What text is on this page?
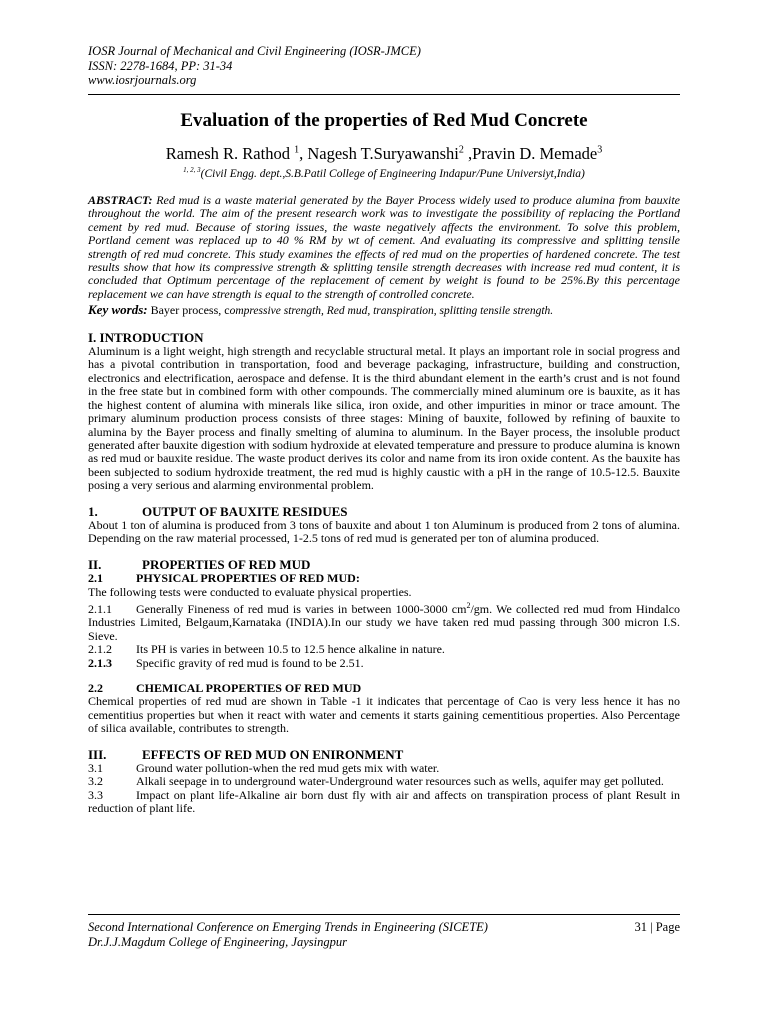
IOSR Journal of Mechanical and Civil Engineering (IOSR-JMCE)
ISSN: 2278-1684, PP: 31-34
www.iosrjournals.org
Evaluation of the properties of Red Mud Concrete
Ramesh R. Rathod $^1$, Nagesh T.Suryawanshi$^2$ ,Pravin D. Memade$^3$
$^{1, 2, 3}$(Civil Engg. dept.,S.B.Patil College of Engineering Indapur/Pune Universiyt,India)

ABSTRACT: Red mud is a waste material generated by the Bayer Process widely used to produce alumina from bauxite throughout the world. The aim of the present research work was to investigate the possibility of replacing the Portland cement by red mud. Because of storing issues, the waste negatively affects the environment. To solve this problem, Portland cement was replaced up to 40 % RM by wt of cement. And evaluating its compressive and splitting tensile strength of red mud concrete. This study examines the effects of red mud on the properties of hardened concrete. The test results show that how its compressive strength & splitting tensile strength decreases with increase red mud content, it is concluded that Optimum percentage of the replacement of cement by weight is found to be 25%.By this percentage replacement we can have strength is equal to the strength of controlled concrete.

Key words: Bayer process, compressive strength, Red mud, transpiration, splitting tensile strength.

I. INTRODUCTION

Aluminum is a light weight, high strength and recyclable structural metal. It plays an important role in social progress and has a pivotal contribution in transportation, food and beverage packaging, infrastructure, building and construction, electronics and electrification, aerospace and defense. It is the third abundant element in the earth’s crust and is not found in the free state but in combined form with other compounds. The commercially mined aluminum ore is bauxite, as it has the highest content of alumina with minerals like silica, iron oxide, and other impurities in minor or trace amount. The primary aluminum production process consists of three stages: Mining of bauxite, followed by refining of bauxite to alumina by the Bayer process and finally smelting of alumina to aluminum. In the Bayer process, the insoluble product generated after bauxite digestion with sodium hydroxide at elevated temperature and pressure to produce alumina is known as red mud or bauxite residue. The waste product derives its color and name from its iron oxide content. As the bauxite has been subjected to sodium hydroxide treatment, the red mud is highly caustic with a pH in the range of 10.5-12.5. Bauxite posing a very serious and alarming environmental problem.

1.	OUTPUT OF BAUXITE RESIDUES

About 1 ton of alumina is produced from 3 tons of bauxite and about 1 ton Aluminum is produced from 2 tons of alumina. Depending on the raw material processed, 1-2.5 tons of red mud is generated per ton of alumina produced.

II.	PROPERTIES OF RED MUD
2.1	PHYSICAL PROPERTIES OF RED MUD:

The following tests were conducted to evaluate physical properties.

2.1.1 Generally Fineness of red mud is varies in between 1000-3000 $cm^2/gm$. We collected red mud from Hindalco Industries Limited, Belgaum,Karnataka (INDIA).In our study we have taken red mud passing through 300 micron I.S. Sieve.

2.1.2 Its PH is varies in between 10.5 to 12.5 hence alkaline in nature.

2.1.3 Specific gravity of red mud is found to be 2.51.

2.2	CHEMICAL PROPERTIES OF RED MUD

Chemical properties of red mud are shown in Table -1 it indicates that percentage of Cao is very less hence it has no cementitius properties but when it react with water and cements it starts gaining cementitious properties. Also Percentage of silica available, contributes to strength.

III.	EFFECTS OF RED MUD ON ENIRONMENT

3.1	Ground water pollution-when the red mud gets mix with water.

3.2	Alkali seepage in to underground water-Underground water resources such as wells, aquifer may get polluted.

3.3	Impact on plant life-Alkaline air born dust fly with air and affects on transpiration process of plant Result in reduction of plant life.

Second International Conference on Emerging Trends in Engineering (SICETE)
Dr.J.J.Magdum College of Engineering, Jaysingpur
31 | Page
